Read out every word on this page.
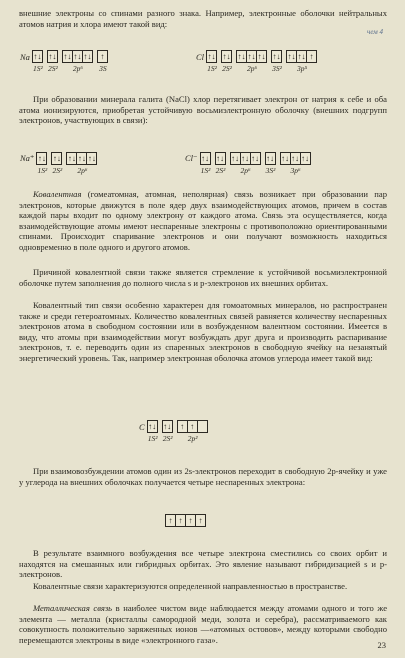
внешние электроны со спинами разного знака. Например, электронные оболочки нейтральных атомов натрия и хлора имеют такой вид:
чем 4
Na ↑↓
1S²
↑↓
2S²
↑↓ ↑↓ ↑↓
2p⁶
↑
3S
Cl ↑↓
1S²
↑↓
2S²
↑↓ ↑↓ ↑↓
2p⁶
↑↓
3S²
↑↓ ↑↓ ↑
3p⁵
При образовании минерала галита (NaCl) хлор перетягивает электрон от натрия к себе и оба атома ионизируются, приобретая устойчивую восьмиэлектронную оболочку (внешних подгрупп электронов, участвующих в связи):
Na⁺ ↑↓
1S²
↑↓
2S²
↑↓ ↑↓ ↑↓
2p⁶
Cl⁻ ↑↓
1S²
↑↓
2S²
↑↓ ↑↓ ↑↓
2p⁶
↑↓
3S²
↑↓ ↑↓ ↑↓
3p⁶
Ковалентная (гомеатомная, атомная, неполярная) связь возникает при образовании пар электронов, которые движутся в поле ядер двух взаимодействующих атомов, причем в состав каждой пары входит по одному электрону от каждого атома. Связь эта осуществляется, когда взаимодействующие атомы имеют неспаренные электроны с противоположно ориентированными спинами. Происходит спаривание электронов и они получают возможность находиться одновременно в поле одного и другого атомов.
Причиной ковалентной связи также является стремление к устойчивой восьмиэлектронной оболочке путем заполнения до полного числа s и p-электронов их внешних орбитах.
Ковалентный тип связи особенно характерен для гомоатомных минералов, но распространен также и среди гетероатомных. Количество ковалентных связей равняется количеству неспаренных электронов атома в свободном состоянии или в возбужденном валентном состоянии. Имеется в виду, что атомы при взаимодействии могут возбуждать друг друга и производить распаривание электронов, т. е. переводить один из спаренных электронов в свободную ячейку на незанятый энергетический уровень. Так, например электронная оболочка атомов углерода имеет такой вид:
C ↑↓
1S²
↑↓
2S²
↑ ↑
2p²
При взаимовозбуждении атомов один из 2s-электронов переходит в свободную 2p-ячейку и уже у углерода на внешних оболочках получается четыре неспаренных электрона:
↑ ↑ ↑ ↑
В результате взаимного возбуждения все четыре электрона сместились со своих орбит и находятся на смешанных или гибридных орбитах. Это явление называют гибридизацией s и p-электронов.
Ковалентные связи характеризуются определенной направленностью в пространстве.
Металлическая связь в наиболее чистом виде наблюдается между атомами одного и того же элемента — металла (кристаллы самородной меди, золота и серебра), рассматриваемого как совокупность положительно заряженных ионов —«атомных остовов», между которыми свободно перемещаются электроны в виде «электронного газа».
23
